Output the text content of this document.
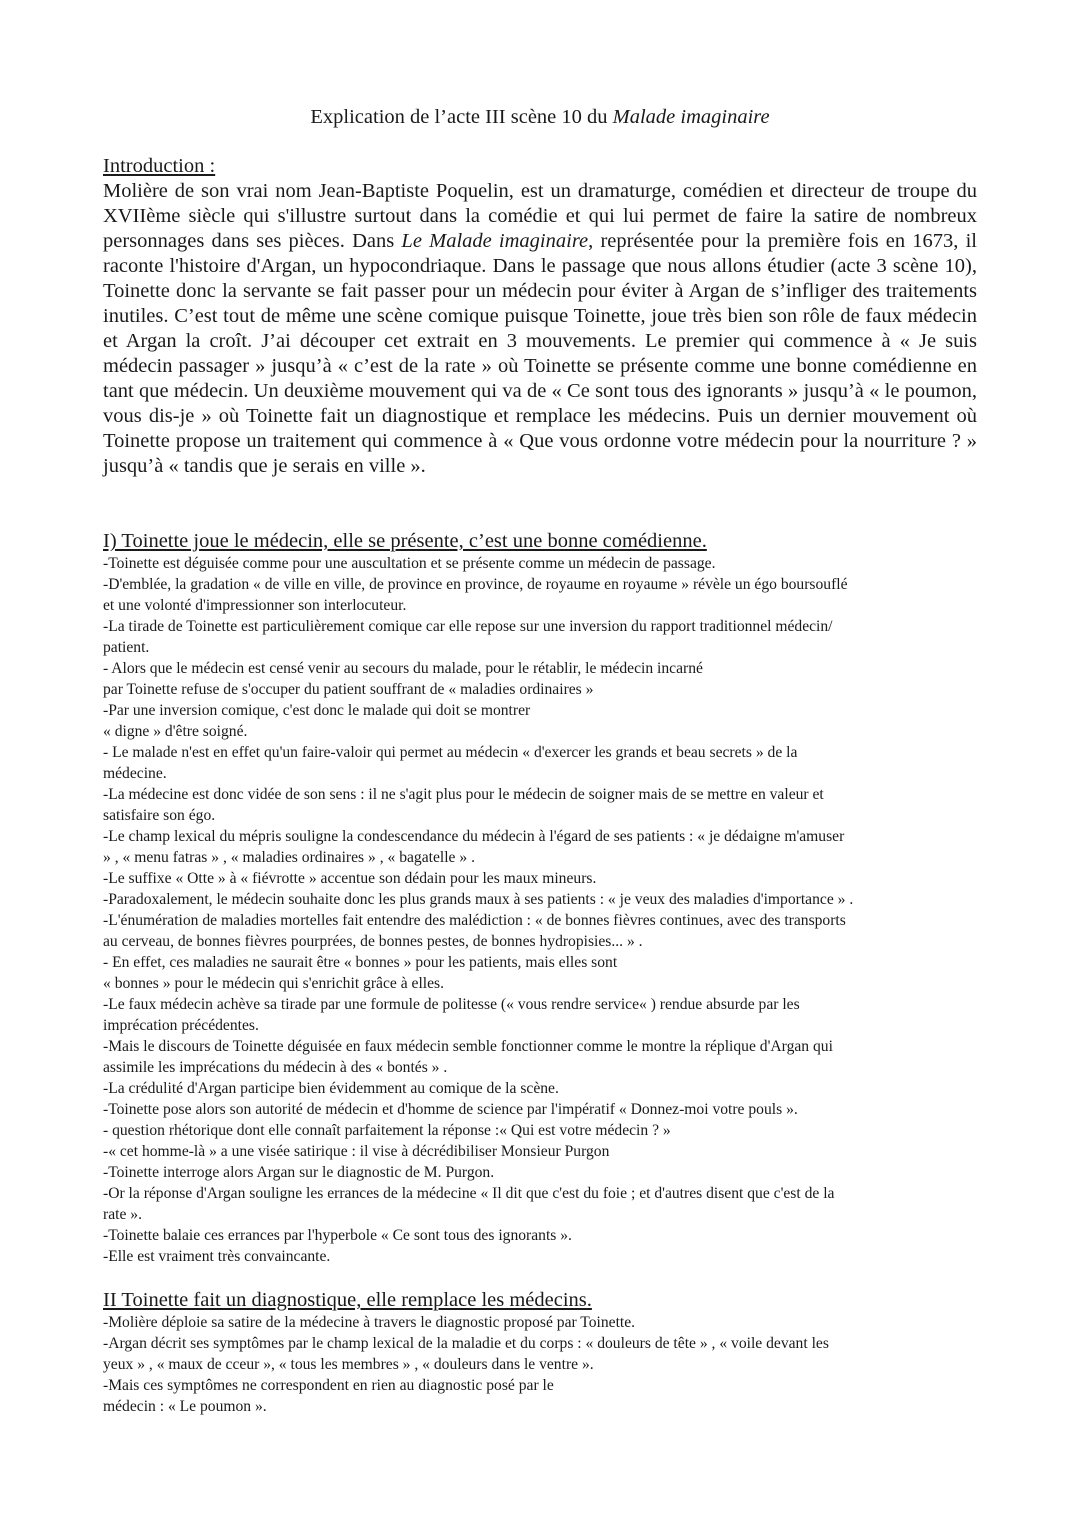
Explication de l’acte III scène 10 du Malade imaginaire
Introduction :

Molière de son vrai nom Jean-Baptiste Poquelin, est un dramaturge, comédien et directeur de troupe du XVIIème siècle qui s'illustre surtout dans la comédie et qui lui permet de faire la satire de nombreux personnages dans ses pièces. Dans Le Malade imaginaire, représentée pour la première fois en 1673, il raconte l'histoire d'Argan, un hypocondriaque. Dans le passage que nous allons étudier (acte 3 scène 10), Toinette donc la servante se fait passer pour un médecin pour éviter à Argan de s’infliger des traitements inutiles. C’est tout de même une scène comique puisque Toinette, joue très bien son rôle de faux médecin et Argan la croît. J’ai découper cet extrait en 3 mouvements. Le premier qui commence à « Je suis médecin passager » jusqu’à « c’est de la rate » où Toinette se présente comme une bonne comédienne en tant que médecin. Un deuxième mouvement qui va de « Ce sont tous des ignorants » jusqu’à « le poumon, vous dis-je » où Toinette fait un diagnostique et remplace les médecins. Puis un dernier mouvement où Toinette propose un traitement qui commence à « Que vous ordonne votre médecin pour la nourriture ? » jusqu’à « tandis que je serais en ville ».

I) Toinette joue le médecin, elle se présente, c’est une bonne comédienne.

-Toinette est déguisée comme pour une auscultation et se présente comme un médecin de passage.
-D'emblée, la gradation « de ville en ville, de province en province, de royaume en royaume » révèle un égo boursouflé
et une volonté d'impressionner son interlocuteur.
-La tirade de Toinette est particulièrement comique car elle repose sur une inversion du rapport traditionnel médecin/
patient.
- Alors que le médecin est censé venir au secours du malade, pour le rétablir, le médecin incarné
par Toinette refuse de s'occuper du patient souffrant de « maladies ordinaires »
-Par une inversion comique, c'est donc le malade qui doit se montrer
« digne » d'être soigné.
- Le malade n'est en effet qu'un faire-valoir qui permet au médecin « d'exercer les grands et beau secrets » de la
médecine.
-La médecine est donc vidée de son sens : il ne s'agit plus pour le médecin de soigner mais de se mettre en valeur et
satisfaire son égo.
-Le champ lexical du mépris souligne la condescendance du médecin à l'égard de ses patients : « je dédaigne m'amuser
» , « menu fatras » , « maladies ordinaires » , « bagatelle » .
-Le suffixe « Otte » à « fiévrotte » accentue son dédain pour les maux mineurs.
-Paradoxalement, le médecin souhaite donc les plus grands maux à ses patients : « je veux des maladies d'importance » .
-L'énumération de maladies mortelles fait entendre des malédiction : « de bonnes fièvres continues, avec des transports
au cerveau, de bonnes fièvres pourprées, de bonnes pestes, de bonnes hydropisies... » .
- En effet, ces maladies ne saurait être « bonnes » pour les patients, mais elles sont
« bonnes » pour le médecin qui s'enrichit grâce à elles.
-Le faux médecin achève sa tirade par une formule de politesse (« vous rendre service« ) rendue absurde par les
imprécation précédentes.
-Mais le discours de Toinette déguisée en faux médecin semble fonctionner comme le montre la réplique d'Argan qui
assimile les imprécations du médecin à des « bontés » .
-La crédulité d'Argan participe bien évidemment au comique de la scène.
-Toinette pose alors son autorité de médecin et d'homme de science par l'impératif « Donnez-moi votre pouls ».
- question rhétorique dont elle connaît parfaitement la réponse :« Qui est votre médecin ? »
-« cet homme-là » a une visée satirique : il vise à décrédibiliser Monsieur Purgon
-Toinette interroge alors Argan sur le diagnostic de M. Purgon.
-Or la réponse d'Argan souligne les errances de la médecine « Il dit que c'est du foie ; et d'autres disent que c'est de la
rate ».
-Toinette balaie ces errances par l'hyperbole « Ce sont tous des ignorants ».
-Elle est vraiment très convaincante.

II Toinette fait un diagnostique, elle remplace les médecins.

-Molière déploie sa satire de la médecine à travers le diagnostic proposé par Toinette.
-Argan décrit ses symptômes par le champ lexical de la maladie et du corps : « douleurs de tête » , « voile devant les
yeux » , « maux de cceur », « tous les membres » , « douleurs dans le ventre ».
-Mais ces symptômes ne correspondent en rien au diagnostic posé par le
médecin : « Le poumon ».
